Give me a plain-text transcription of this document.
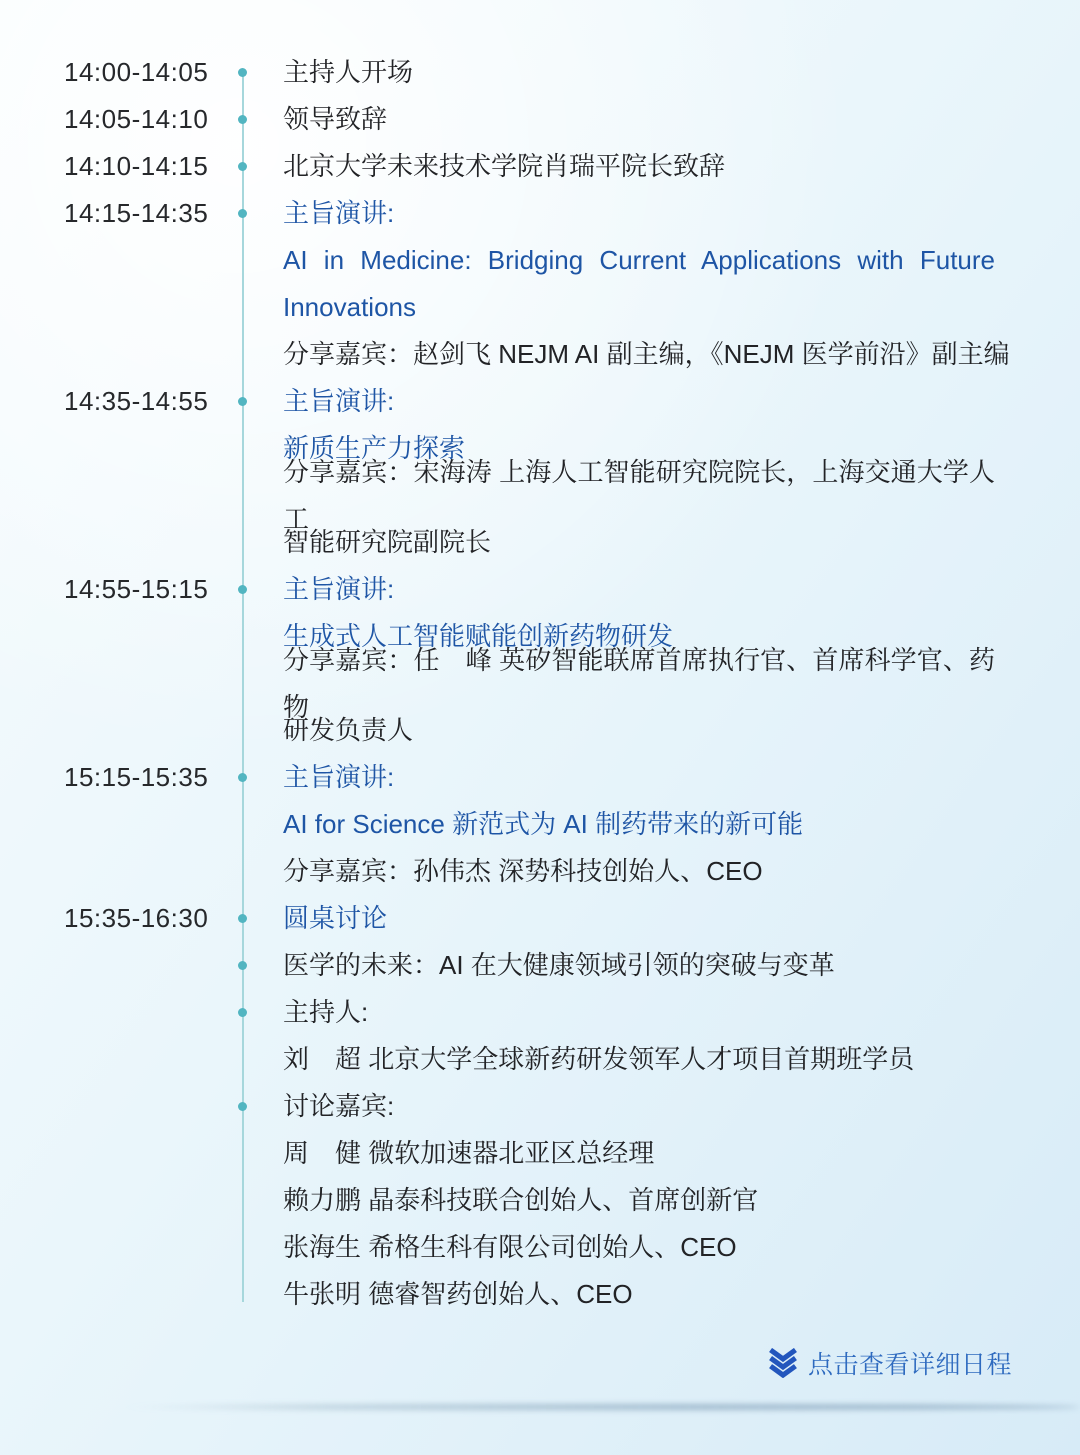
14:00-14:05	主持人开场
14:05-14:10	领导致辞
14:10-14:15	北京大学未来技术学院肖瑞平院长致辞
14:15-14:35	主旨演讲:
AI in Medicine: Bridging Current Applications with Future
Innovations
分享嘉宾：赵剑飞 NEJM AI 副主编，《NEJM 医学前沿》副主编
14:35-14:55	主旨演讲:
新质生产力探索
分享嘉宾：宋海涛 上海人工智能研究院院长，上海交通大学人工
智能研究院副院长
14:55-15:15	主旨演讲:
生成式人工智能赋能创新药物研发
分享嘉宾：任　峰 英矽智能联席首席执行官、首席科学官、药物
研发负责人
15:15-15:35	主旨演讲:
AI for Science 新范式为 AI 制药带来的新可能
分享嘉宾：孙伟杰 深势科技创始人、CEO
15:35-16:30	圆桌讨论
医学的未来：AI 在大健康领域引领的突破与变革
主持人:
刘　超 北京大学全球新药研发领军人才项目首期班学员
讨论嘉宾:
周　健 微软加速器北亚区总经理
赖力鹏 晶泰科技联合创始人、首席创新官
张海生 希格生科有限公司创始人、CEO
牛张明 德睿智药创始人、CEO
点击查看详细日程
